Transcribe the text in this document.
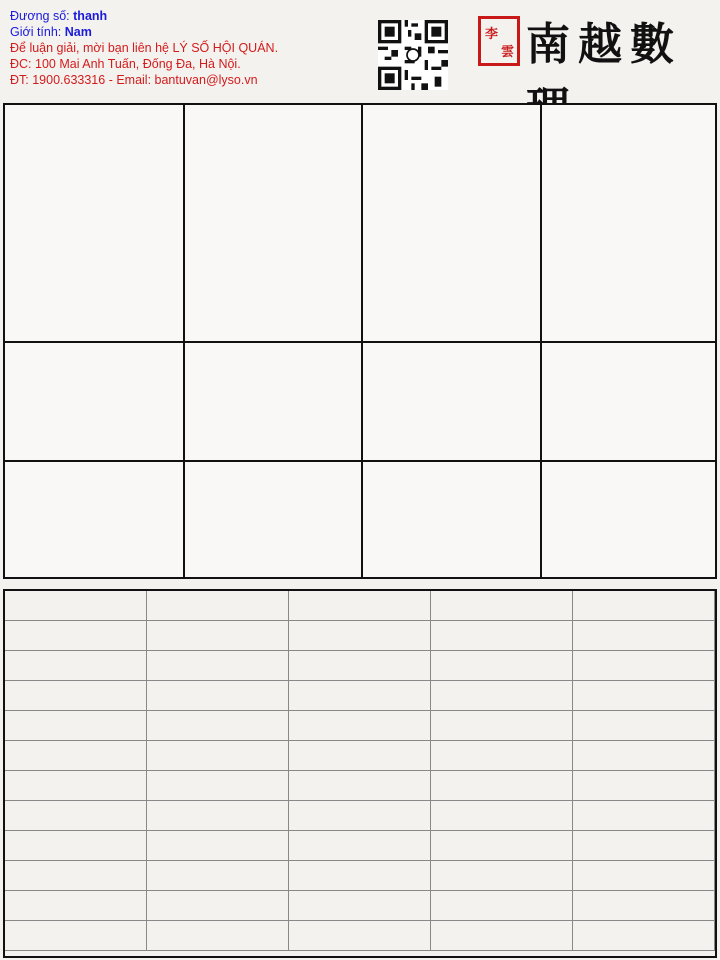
Đương số: thanh
Giới tính: Nam
Để luận giải, mời bạn liên hệ LÝ SỐ HỘI QUÁN.
ĐC: 100 Mai Anh Tuấn, Đống Đa, Hà Nội.
ĐT: 1900.633316 - Email: bantuvan@lyso.vn
李
雲 南越數
